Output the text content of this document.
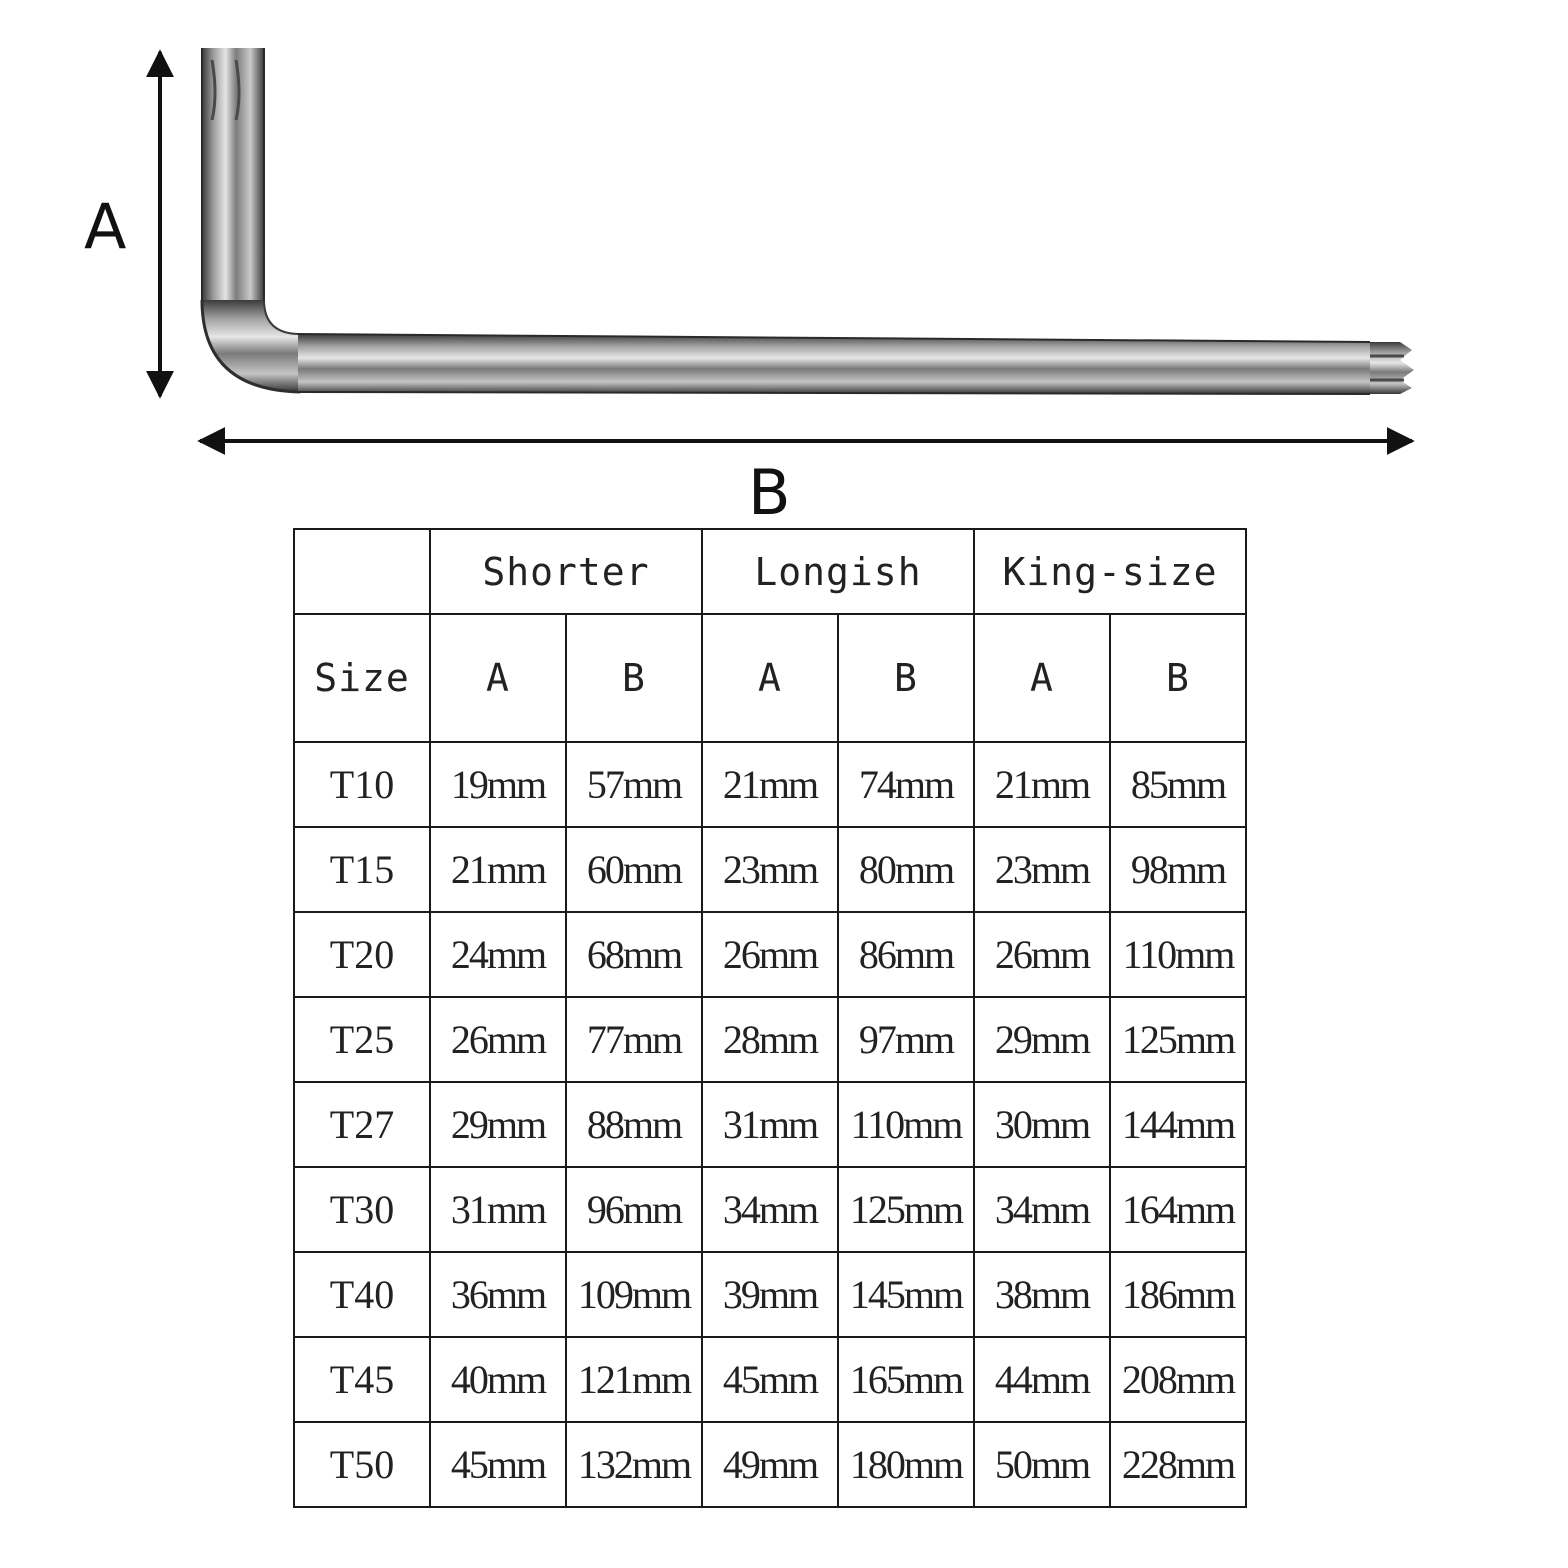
A
B
	Shorter		Longish		King-size	
Size	A	B	A	B	A	B
T10	19mm	57mm	21mm	74mm	21mm	85mm
T15	21mm	60mm	23mm	80mm	23mm	98mm
T20	24mm	68mm	26mm	86mm	26mm	110mm
T25	26mm	77mm	28mm	97mm	29mm	125mm
T27	29mm	88mm	31mm	110mm	30mm	144mm
T30	31mm	96mm	34mm	125mm	34mm	164mm
T40	36mm	109mm	39mm	145mm	38mm	186mm
T45	40mm	121mm	45mm	165mm	44mm	208mm
T50	45mm	132mm	49mm	180mm	50mm	228mm
